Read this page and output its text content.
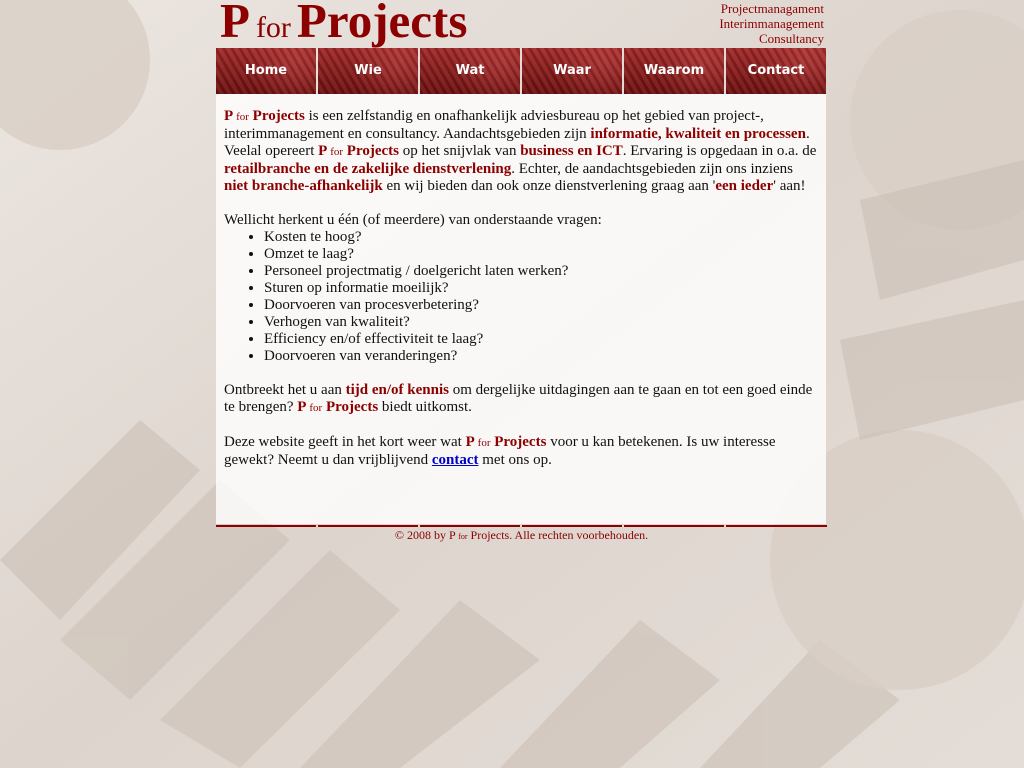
Pfor Projects	Projectmanagament
Interimmanagement
Consultancy
Home	Wie	Wat	Waar	Waarom	Contact

P for Projects is een zelfstandig en onafhankelijk adviesbureau op het gebied van project-, interimmanagement en consultancy. Aandachtsgebieden zijn informatie, kwaliteit en processen. Veelal opereert P for Projects op het snijvlak van business en ICT. Ervaring is opgedaan in o.a. de retailbranche en de zakelijke dienstverlening. Echter, de aandachtsgebieden zijn ons inziens niet branche-afhankelijk en wij bieden dan ook onze dienstverlening graag aan 'een ieder' aan!

Wellicht herkent u één (of meerdere) van onderstaande vragen:
• Kosten te hoog?
• Omzet te laag?
• Personeel projectmatig / doelgericht laten werken?
• Sturen op informatie moeilijk?
• Doorvoeren van procesverbetering?
• Verhogen van kwaliteit?
• Efficiency en/of effectiviteit te laag?
• Doorvoeren van veranderingen?

Ontbreekt het u aan tijd en/of kennis om dergelijke uitdagingen aan te gaan en tot een goed einde te brengen? P for Projects biedt uitkomst.

Deze website geeft in het kort weer wat P for Projects voor u kan betekenen. Is uw interesse gewekt? Neemt u dan vrijblijvend contact met ons op.

© 2008 by P for Projects. Alle rechten voorbehouden.
